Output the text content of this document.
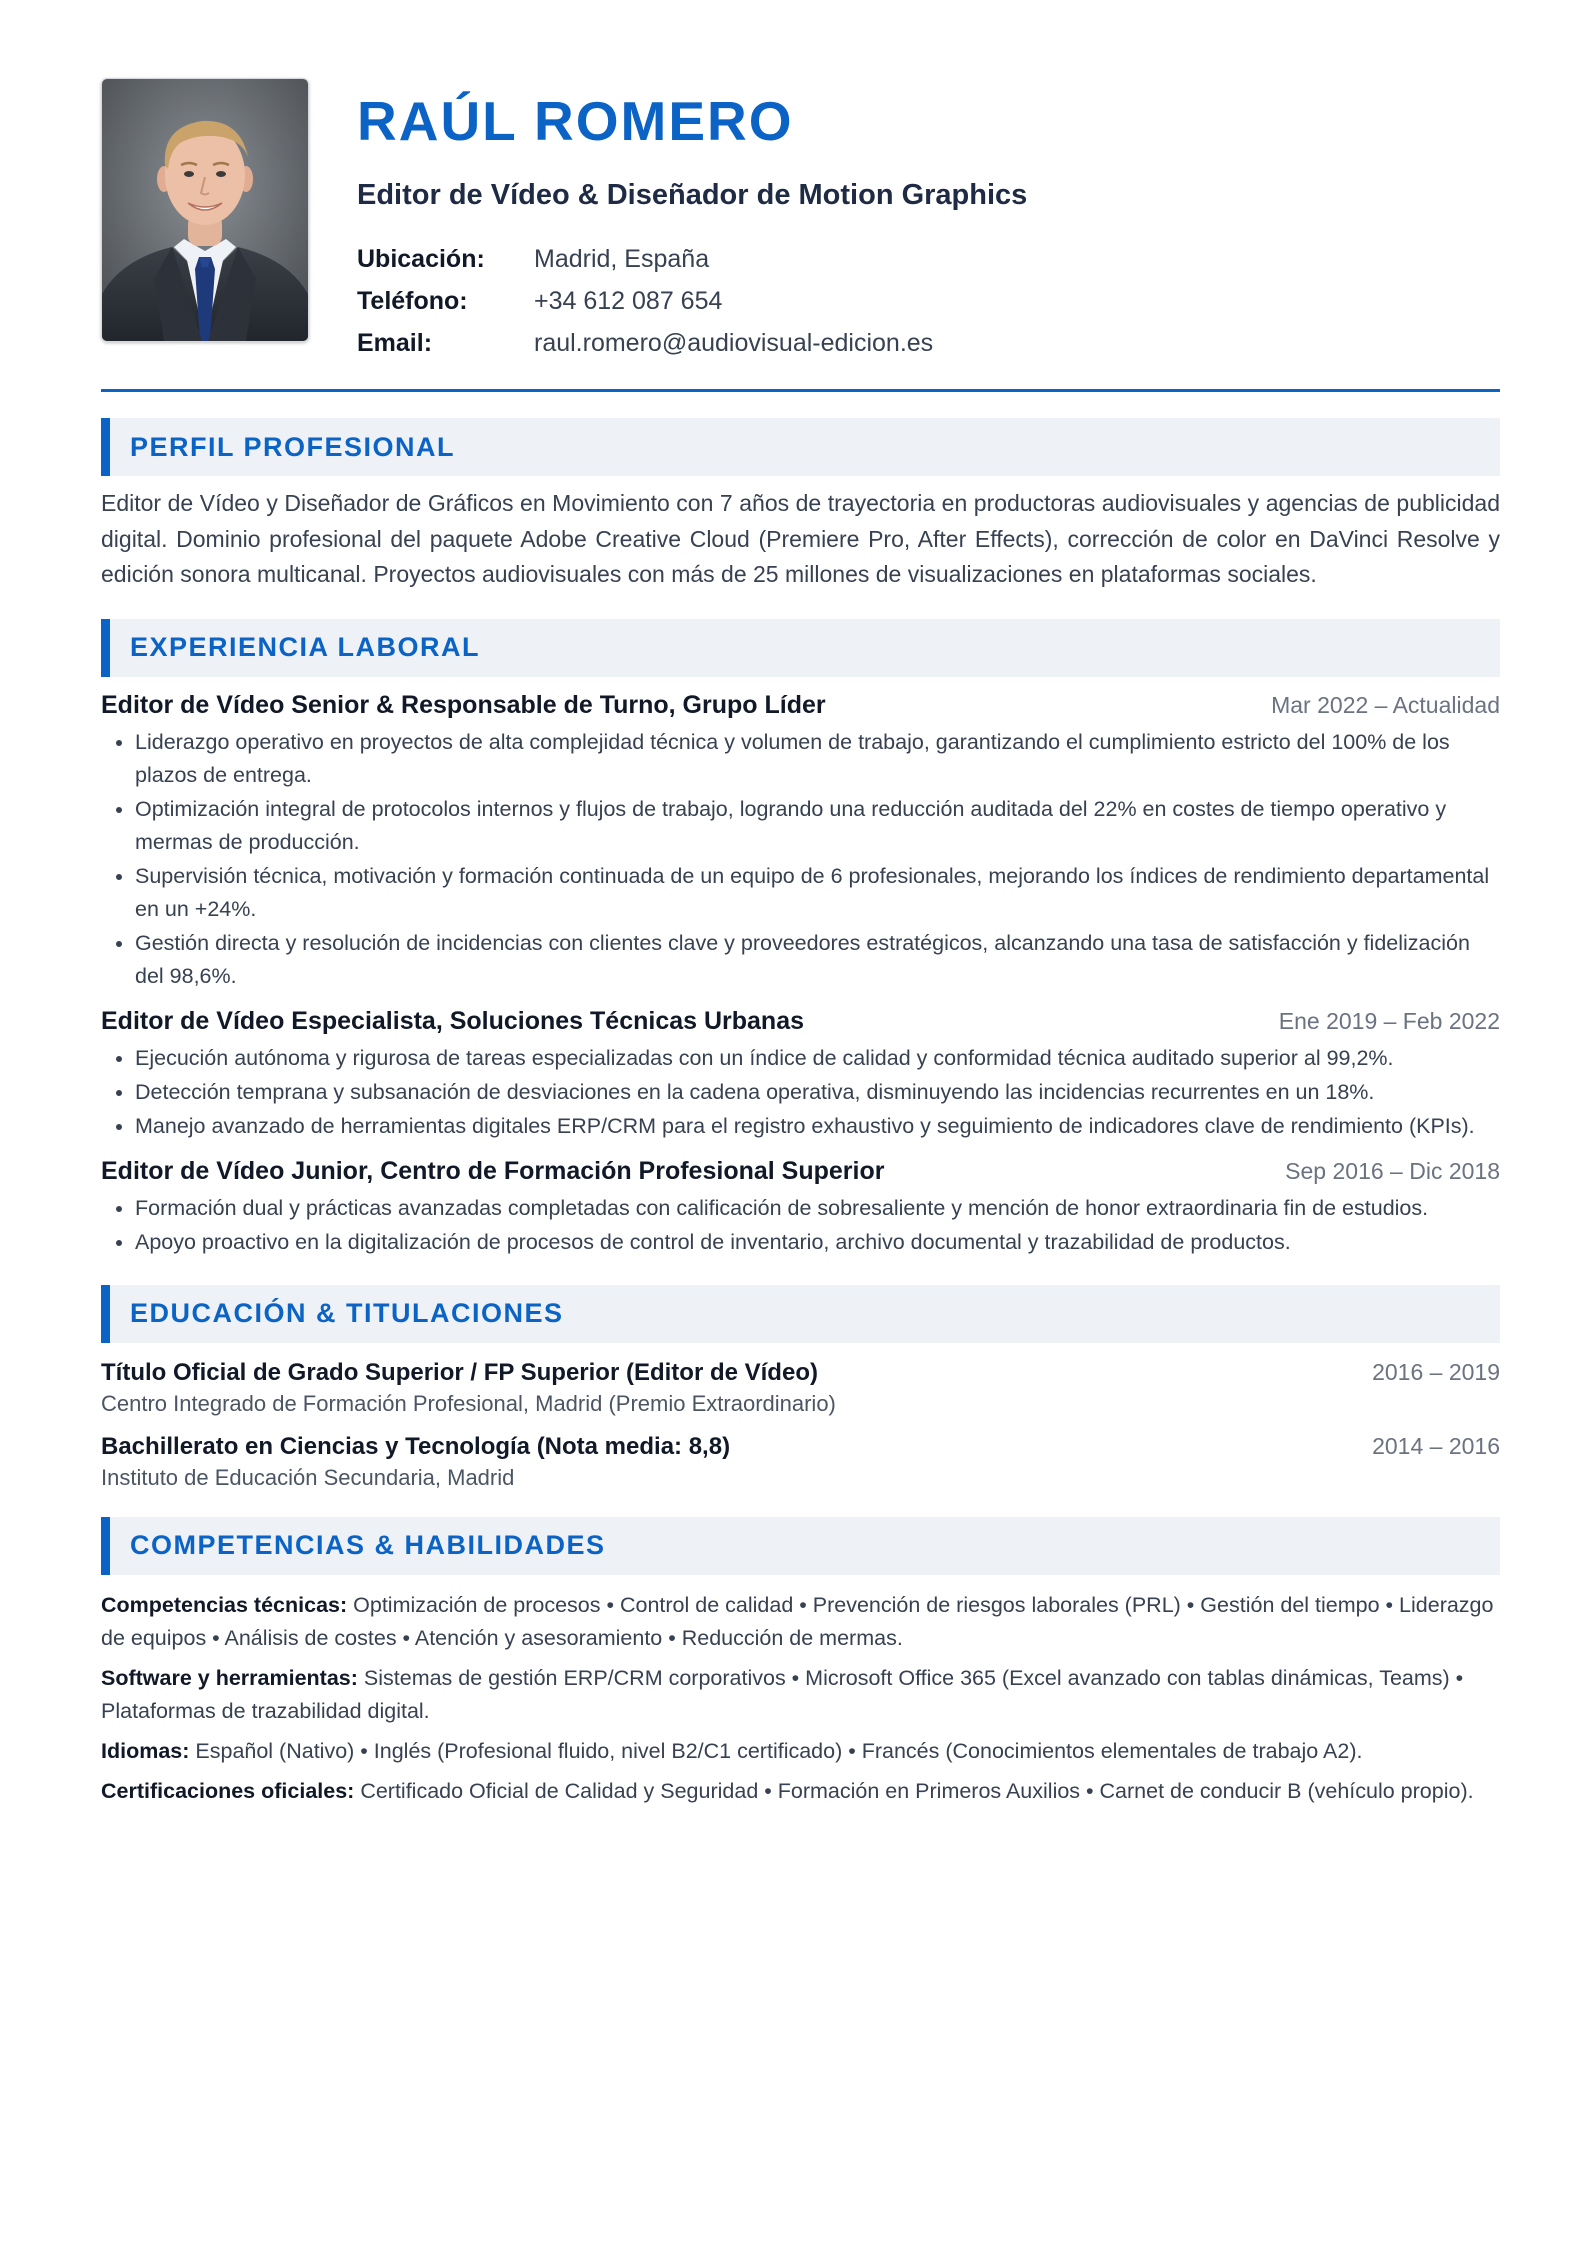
RAÚL ROMERO
Editor de Vídeo & Diseñador de Motion Graphics
Ubicación:	Madrid, España
Teléfono:	+34 612 087 654
Email:	raul.romero@audiovisual-edicion.es
PERFIL PROFESIONAL

Editor de Vídeo y Diseñador de Gráficos en Movimiento con 7 años de trayectoria en productoras audiovisuales y agencias de publicidad digital. Dominio profesional del paquete Adobe Creative Cloud (Premiere Pro, After Effects), corrección de color en DaVinci Resolve y edición sonora multicanal. Proyectos audiovisuales con más de 25 millones de visualizaciones en plataformas sociales.

EXPERIENCIA LABORAL
Editor de Vídeo Senior & Responsable de Turno, Grupo Líder	Mar 2022 – Actualidad
• Liderazgo operativo en proyectos de alta complejidad técnica y volumen de trabajo, garantizando el cumplimiento estricto del 100% de los plazos de entrega.
• Optimización integral de protocolos internos y flujos de trabajo, logrando una reducción auditada del 22% en costes de tiempo operativo y mermas de producción.
• Supervisión técnica, motivación y formación continuada de un equipo de 6 profesionales, mejorando los índices de rendimiento departamental en un +24%.
• Gestión directa y resolución de incidencias con clientes clave y proveedores estratégicos, alcanzando una tasa de satisfacción y fidelización del 98,6%.
Editor de Vídeo Especialista, Soluciones Técnicas Urbanas	Ene 2019 – Feb 2022
• Ejecución autónoma y rigurosa de tareas especializadas con un índice de calidad y conformidad técnica auditado superior al 99,2%.
• Detección temprana y subsanación de desviaciones en la cadena operativa, disminuyendo las incidencias recurrentes en un 18%.
• Manejo avanzado de herramientas digitales ERP/CRM para el registro exhaustivo y seguimiento de indicadores clave de rendimiento (KPIs).
Editor de Vídeo Junior, Centro de Formación Profesional Superior	Sep 2016 – Dic 2018
• Formación dual y prácticas avanzadas completadas con calificación de sobresaliente y mención de honor extraordinaria fin de estudios.
• Apoyo proactivo en la digitalización de procesos de control de inventario, archivo documental y trazabilidad de productos.
EDUCACIÓN & TITULACIONES
Título Oficial de Grado Superior / FP Superior (Editor de Vídeo)	2016 – 2019
Centro Integrado de Formación Profesional, Madrid (Premio Extraordinario)
Bachillerato en Ciencias y Tecnología (Nota media: 8,8)	2014 – 2016
Instituto de Educación Secundaria, Madrid
COMPETENCIAS & HABILIDADES
Competencias técnicas: Optimización de procesos • Control de calidad • Prevención de riesgos laborales (PRL) • Gestión del tiempo • Liderazgo de equipos • Análisis de costes • Atención y asesoramiento • Reducción de mermas.
Software y herramientas: Sistemas de gestión ERP/CRM corporativos • Microsoft Office 365 (Excel avanzado con tablas dinámicas, Teams) • Plataformas de trazabilidad digital.
Idiomas: Español (Nativo) • Inglés (Profesional fluido, nivel B2/C1 certificado) • Francés (Conocimientos elementales de trabajo A2).
Certificaciones oficiales: Certificado Oficial de Calidad y Seguridad • Formación en Primeros Auxilios • Carnet de conducir B (vehículo propio).
